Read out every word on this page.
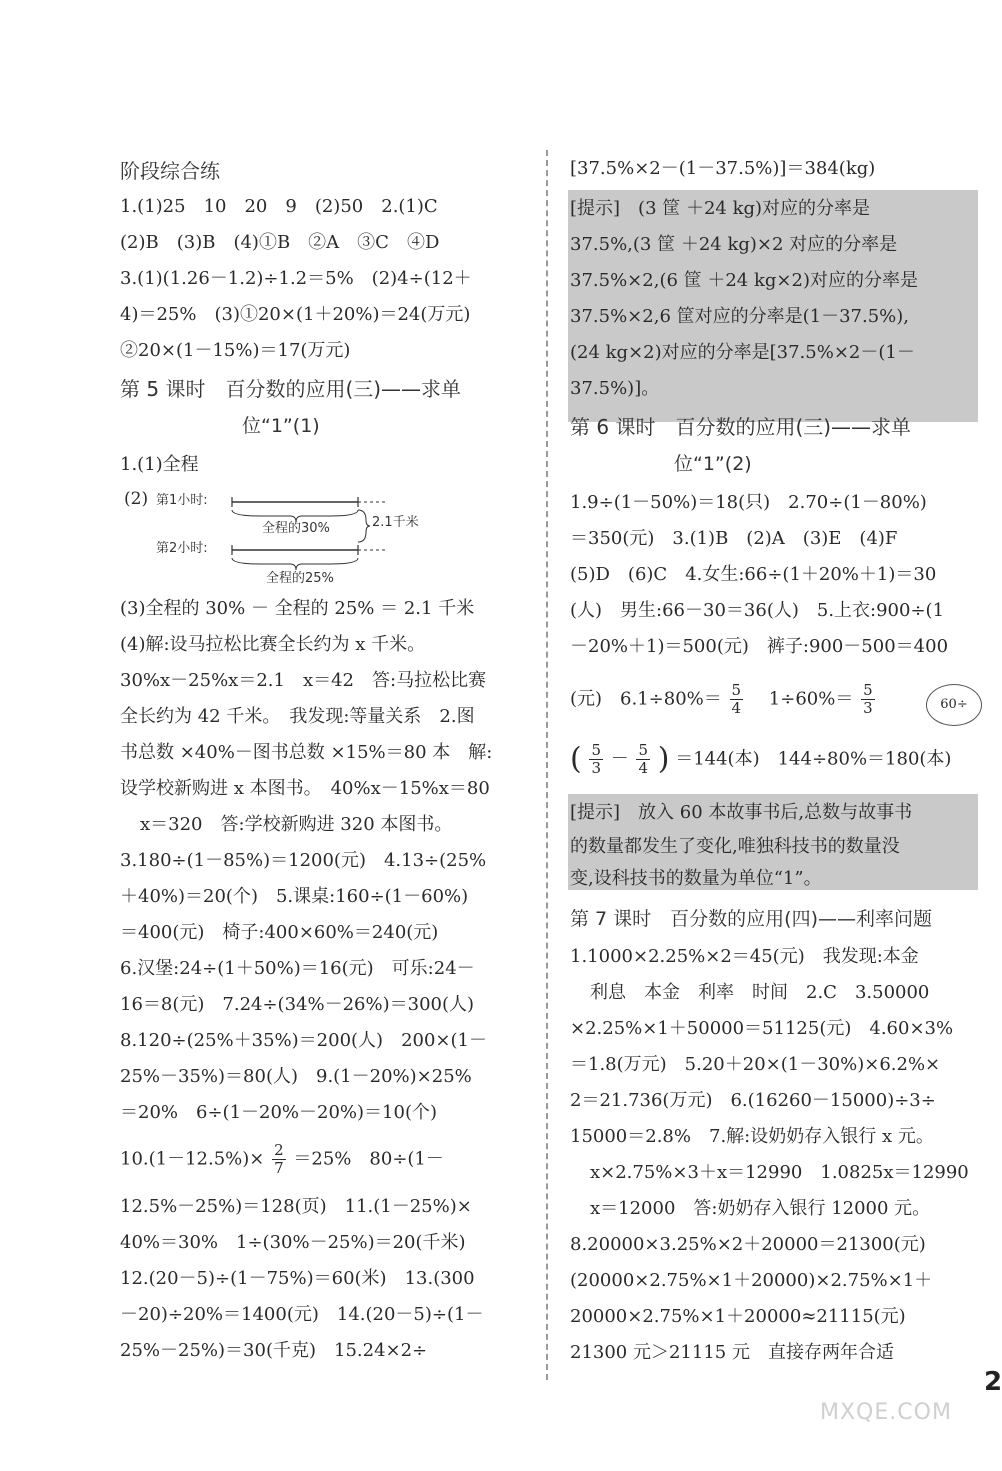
阶段综合练
1.(1)25　10　20　9　(2)50　2.(1)C
(2)B　(3)B　(4)①B　②A　③C　④D
3.(1)(1.26－1.2)÷1.2＝5%　(2)4÷(12＋
4)＝25%　(3)①20×(1＋20%)＝24(万元)
②20×(1－15%)＝17(万元)
第 5 课时　百分数的应用(三)——求单
位“1”(1)
1.(1)全程
(2) 第1小时:
全程的30%	2.1千米
第2小时:
全程的25%
(3)全程的 30% － 全程的 25% ＝ 2.1 千米
(4)解:设马拉松比赛全长约为 x 千米。
30%x－25%x＝2.1　x＝42　答:马拉松比赛
全长约为 42 千米。　我发现:等量关系　2.图
书总数 ×40%－图书总数 ×15%＝80 本　解:
设学校新购进 x 本图书。　40%x－15%x＝80
x＝320　答:学校新购进 320 本图书。
3.180÷(1－85%)＝1200(元)　4.13÷(25%
＋40%)＝20(个)　5.课桌:160÷(1－60%)
＝400(元)　椅子:400×60%＝240(元)
6.汉堡:24÷(1＋50%)＝16(元)　可乐:24－
16＝8(元)　7.24÷(34%－26%)＝300(人)
8.120÷(25%＋35%)＝200(人)　200×(1－
25%－35%)＝80(人)　9.(1－20%)×25%
＝20%　6÷(1－20%－20%)＝10(个)
$10.(1-12.5\%)\times \frac{2}{7} =25\%$　80÷(1－
12.5%－25%)＝128(页)　11.(1－25%)×
40%＝30%　1÷(30%－25%)＝20(千米)
12.(20－5)÷(1－75%)＝60(米)　13.(300
－20)÷20%＝1400(元)　14.(20－5)÷(1－
25%－25%)＝30(千克)　15.24×2÷
[37.5%×2－(1－37.5%)]＝384(kg)
[提示]　(3 筐 ＋24 kg)对应的分率是
37.5%,(3 筐 ＋24 kg)×2 对应的分率是
37.5%×2,(6 筐 ＋24 kg×2)对应的分率是
37.5%×2,6 筐对应的分率是(1－37.5%),
(24 kg×2)对应的分率是[37.5%×2－(1－
37.5%)]。
第 6 课时　百分数的应用(三)——求单
位“1”(2)
1.9÷(1－50%)＝18(只)　2.70÷(1－80%)
＝350(元)　3.(1)B　(2)A　(3)E　(4)F
(5)D　(6)C　4.女生:66÷(1＋20%＋1)＝30
(人)　男生:66－30＝36(人)　5.上衣:900÷(1
－20%＋1)＝500(元)　裤子:900－500＝400
(元)　$6.1\div 80\%= \frac{5}{4}$ 　$1\div 60\%= \frac{5}{3}$
( $\frac{5}{3} - \frac{5}{4}$ ) ＝144(本)　144÷80%＝180(本)
[提示]　放入 60 本故事书后,总数与故事书
的数量都发生了变化,唯独科技书的数量没
变,设科技书的数量为单位“1”。
第 7 课时　百分数的应用(四)——利率问题
1.1000×2.25%×2＝45(元)　我发现:本金
利息　本金　利率　时间　2.C　3.50000
×2.25%×1＋50000＝51125(元)　4.60×3%
＝1.8(万元)　5.20＋20×(1－30%)×6.2%×
2＝21.736(万元)　6.(16260－15000)÷3÷
15000＝2.8%　7.解:设奶奶存入银行 x 元。
x×2.75%×3＋x＝12990　1.0825x＝12990
x＝12000　答:奶奶存入银行 12000 元。
8.20000×3.25%×2＋20000＝21300(元)
(20000×2.75%×1＋20000)×2.75%×1＋
20000×2.75%×1＋20000≈21115(元)
21300 元＞21115 元　直接存两年合适
60÷
2
MXQE.COM
